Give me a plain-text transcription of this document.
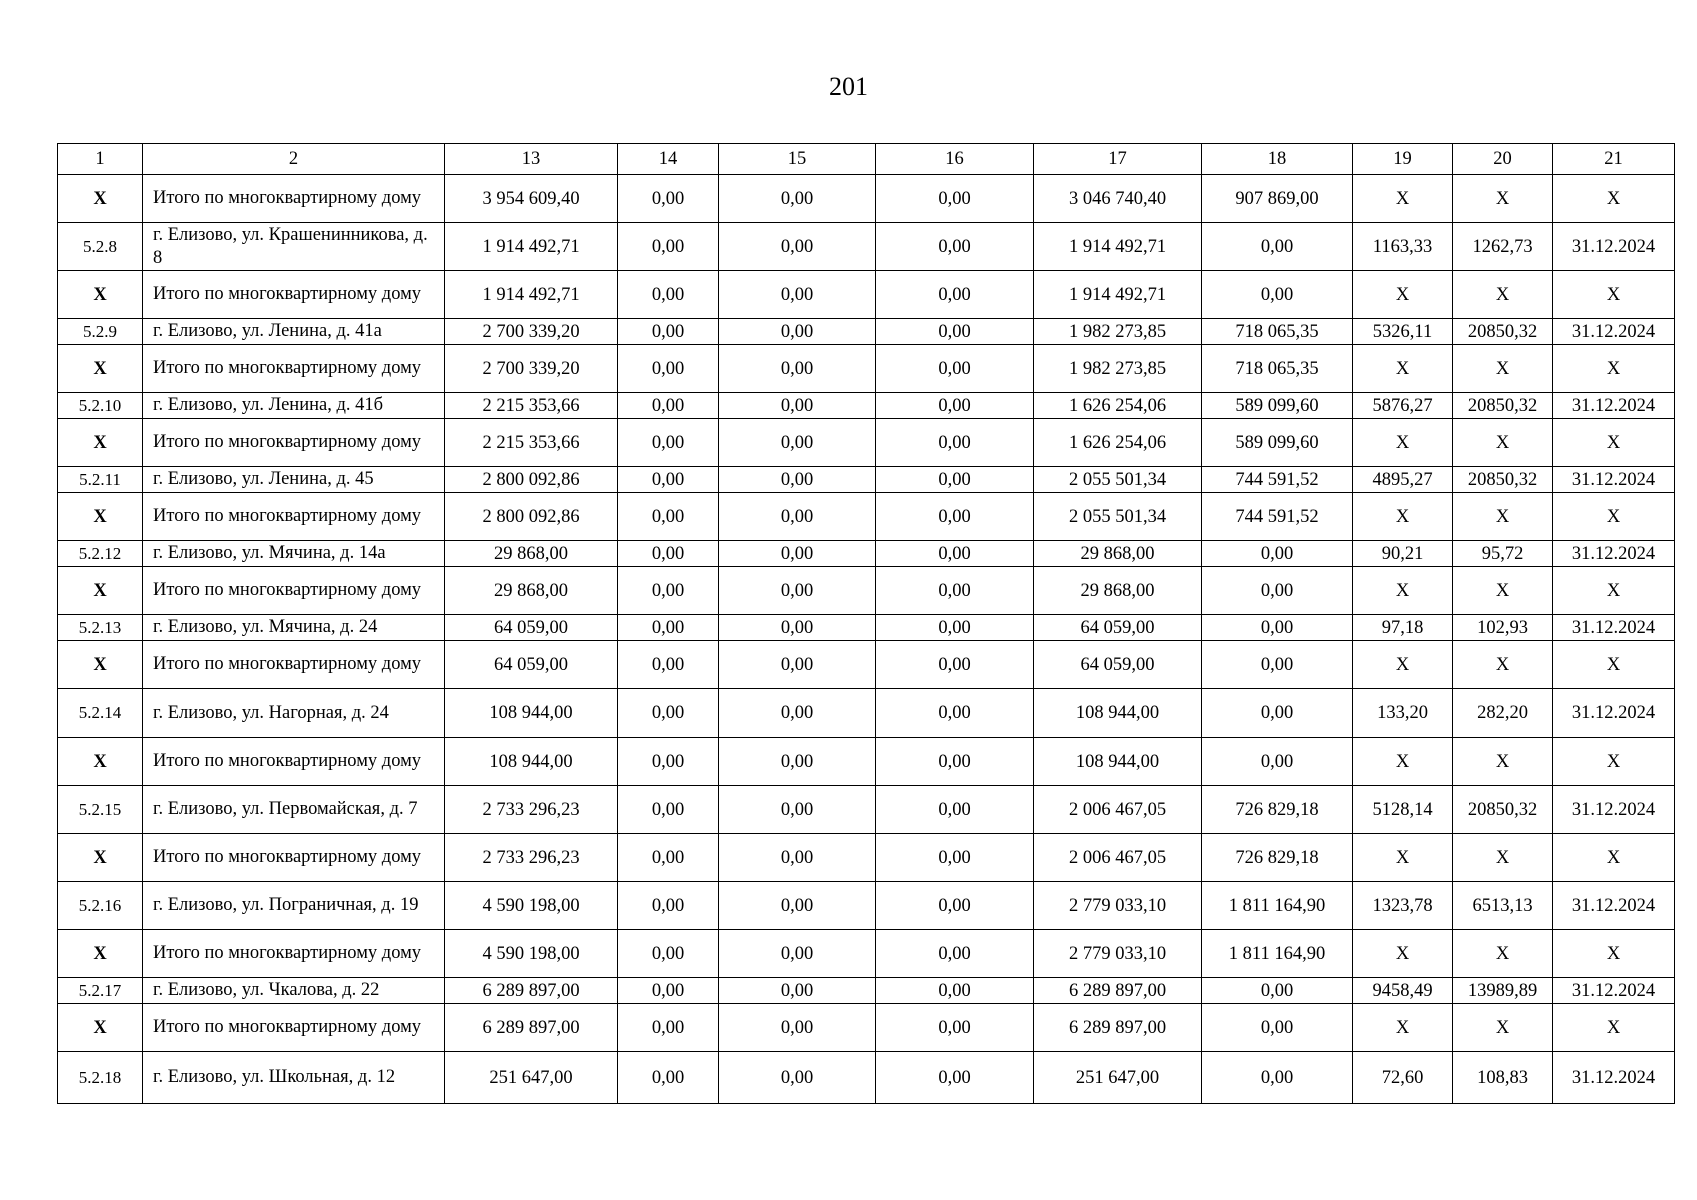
201
1	2	13	14	15	16	17	18	19	20	21
X	Итого по многоквартирному дому	3 954 609,40	0,00	0,00	0,00	3 046 740,40	907 869,00	X	X	X
5.2.8	г. Елизово, ул. Крашенинникова, д. 8	1 914 492,71	0,00	0,00	0,00	1 914 492,71	0,00	1163,33	1262,73	31.12.2024
X	Итого по многоквартирному дому	1 914 492,71	0,00	0,00	0,00	1 914 492,71	0,00	X	X	X
5.2.9	г. Елизово, ул. Ленина, д. 41а	2 700 339,20	0,00	0,00	0,00	1 982 273,85	718 065,35	5326,11	20850,32	31.12.2024
X	Итого по многоквартирному дому	2 700 339,20	0,00	0,00	0,00	1 982 273,85	718 065,35	X	X	X
5.2.10	г. Елизово, ул. Ленина, д. 41б	2 215 353,66	0,00	0,00	0,00	1 626 254,06	589 099,60	5876,27	20850,32	31.12.2024
X	Итого по многоквартирному дому	2 215 353,66	0,00	0,00	0,00	1 626 254,06	589 099,60	X	X	X
5.2.11	г. Елизово, ул. Ленина, д. 45	2 800 092,86	0,00	0,00	0,00	2 055 501,34	744 591,52	4895,27	20850,32	31.12.2024
X	Итого по многоквартирному дому	2 800 092,86	0,00	0,00	0,00	2 055 501,34	744 591,52	X	X	X
5.2.12	г. Елизово, ул. Мячина, д. 14а	29 868,00	0,00	0,00	0,00	29 868,00	0,00	90,21	95,72	31.12.2024
X	Итого по многоквартирному дому	29 868,00	0,00	0,00	0,00	29 868,00	0,00	X	X	X
5.2.13	г. Елизово, ул. Мячина, д. 24	64 059,00	0,00	0,00	0,00	64 059,00	0,00	97,18	102,93	31.12.2024
X	Итого по многоквартирному дому	64 059,00	0,00	0,00	0,00	64 059,00	0,00	X	X	X
5.2.14	г. Елизово, ул. Нагорная, д. 24	108 944,00	0,00	0,00	0,00	108 944,00	0,00	133,20	282,20	31.12.2024
X	Итого по многоквартирному дому	108 944,00	0,00	0,00	0,00	108 944,00	0,00	X	X	X
5.2.15	г. Елизово, ул. Первомайская, д. 7	2 733 296,23	0,00	0,00	0,00	2 006 467,05	726 829,18	5128,14	20850,32	31.12.2024
X	Итого по многоквартирному дому	2 733 296,23	0,00	0,00	0,00	2 006 467,05	726 829,18	X	X	X
5.2.16	г. Елизово, ул. Пограничная, д. 19	4 590 198,00	0,00	0,00	0,00	2 779 033,10	1 811 164,90	1323,78	6513,13	31.12.2024
X	Итого по многоквартирному дому	4 590 198,00	0,00	0,00	0,00	2 779 033,10	1 811 164,90	X	X	X
5.2.17	г. Елизово, ул. Чкалова, д. 22	6 289 897,00	0,00	0,00	0,00	6 289 897,00	0,00	9458,49	13989,89	31.12.2024
X	Итого по многоквартирному дому	6 289 897,00	0,00	0,00	0,00	6 289 897,00	0,00	X	X	X
5.2.18	г. Елизово, ул. Школьная, д. 12	251 647,00	0,00	0,00	0,00	251 647,00	0,00	72,60	108,83	31.12.2024
